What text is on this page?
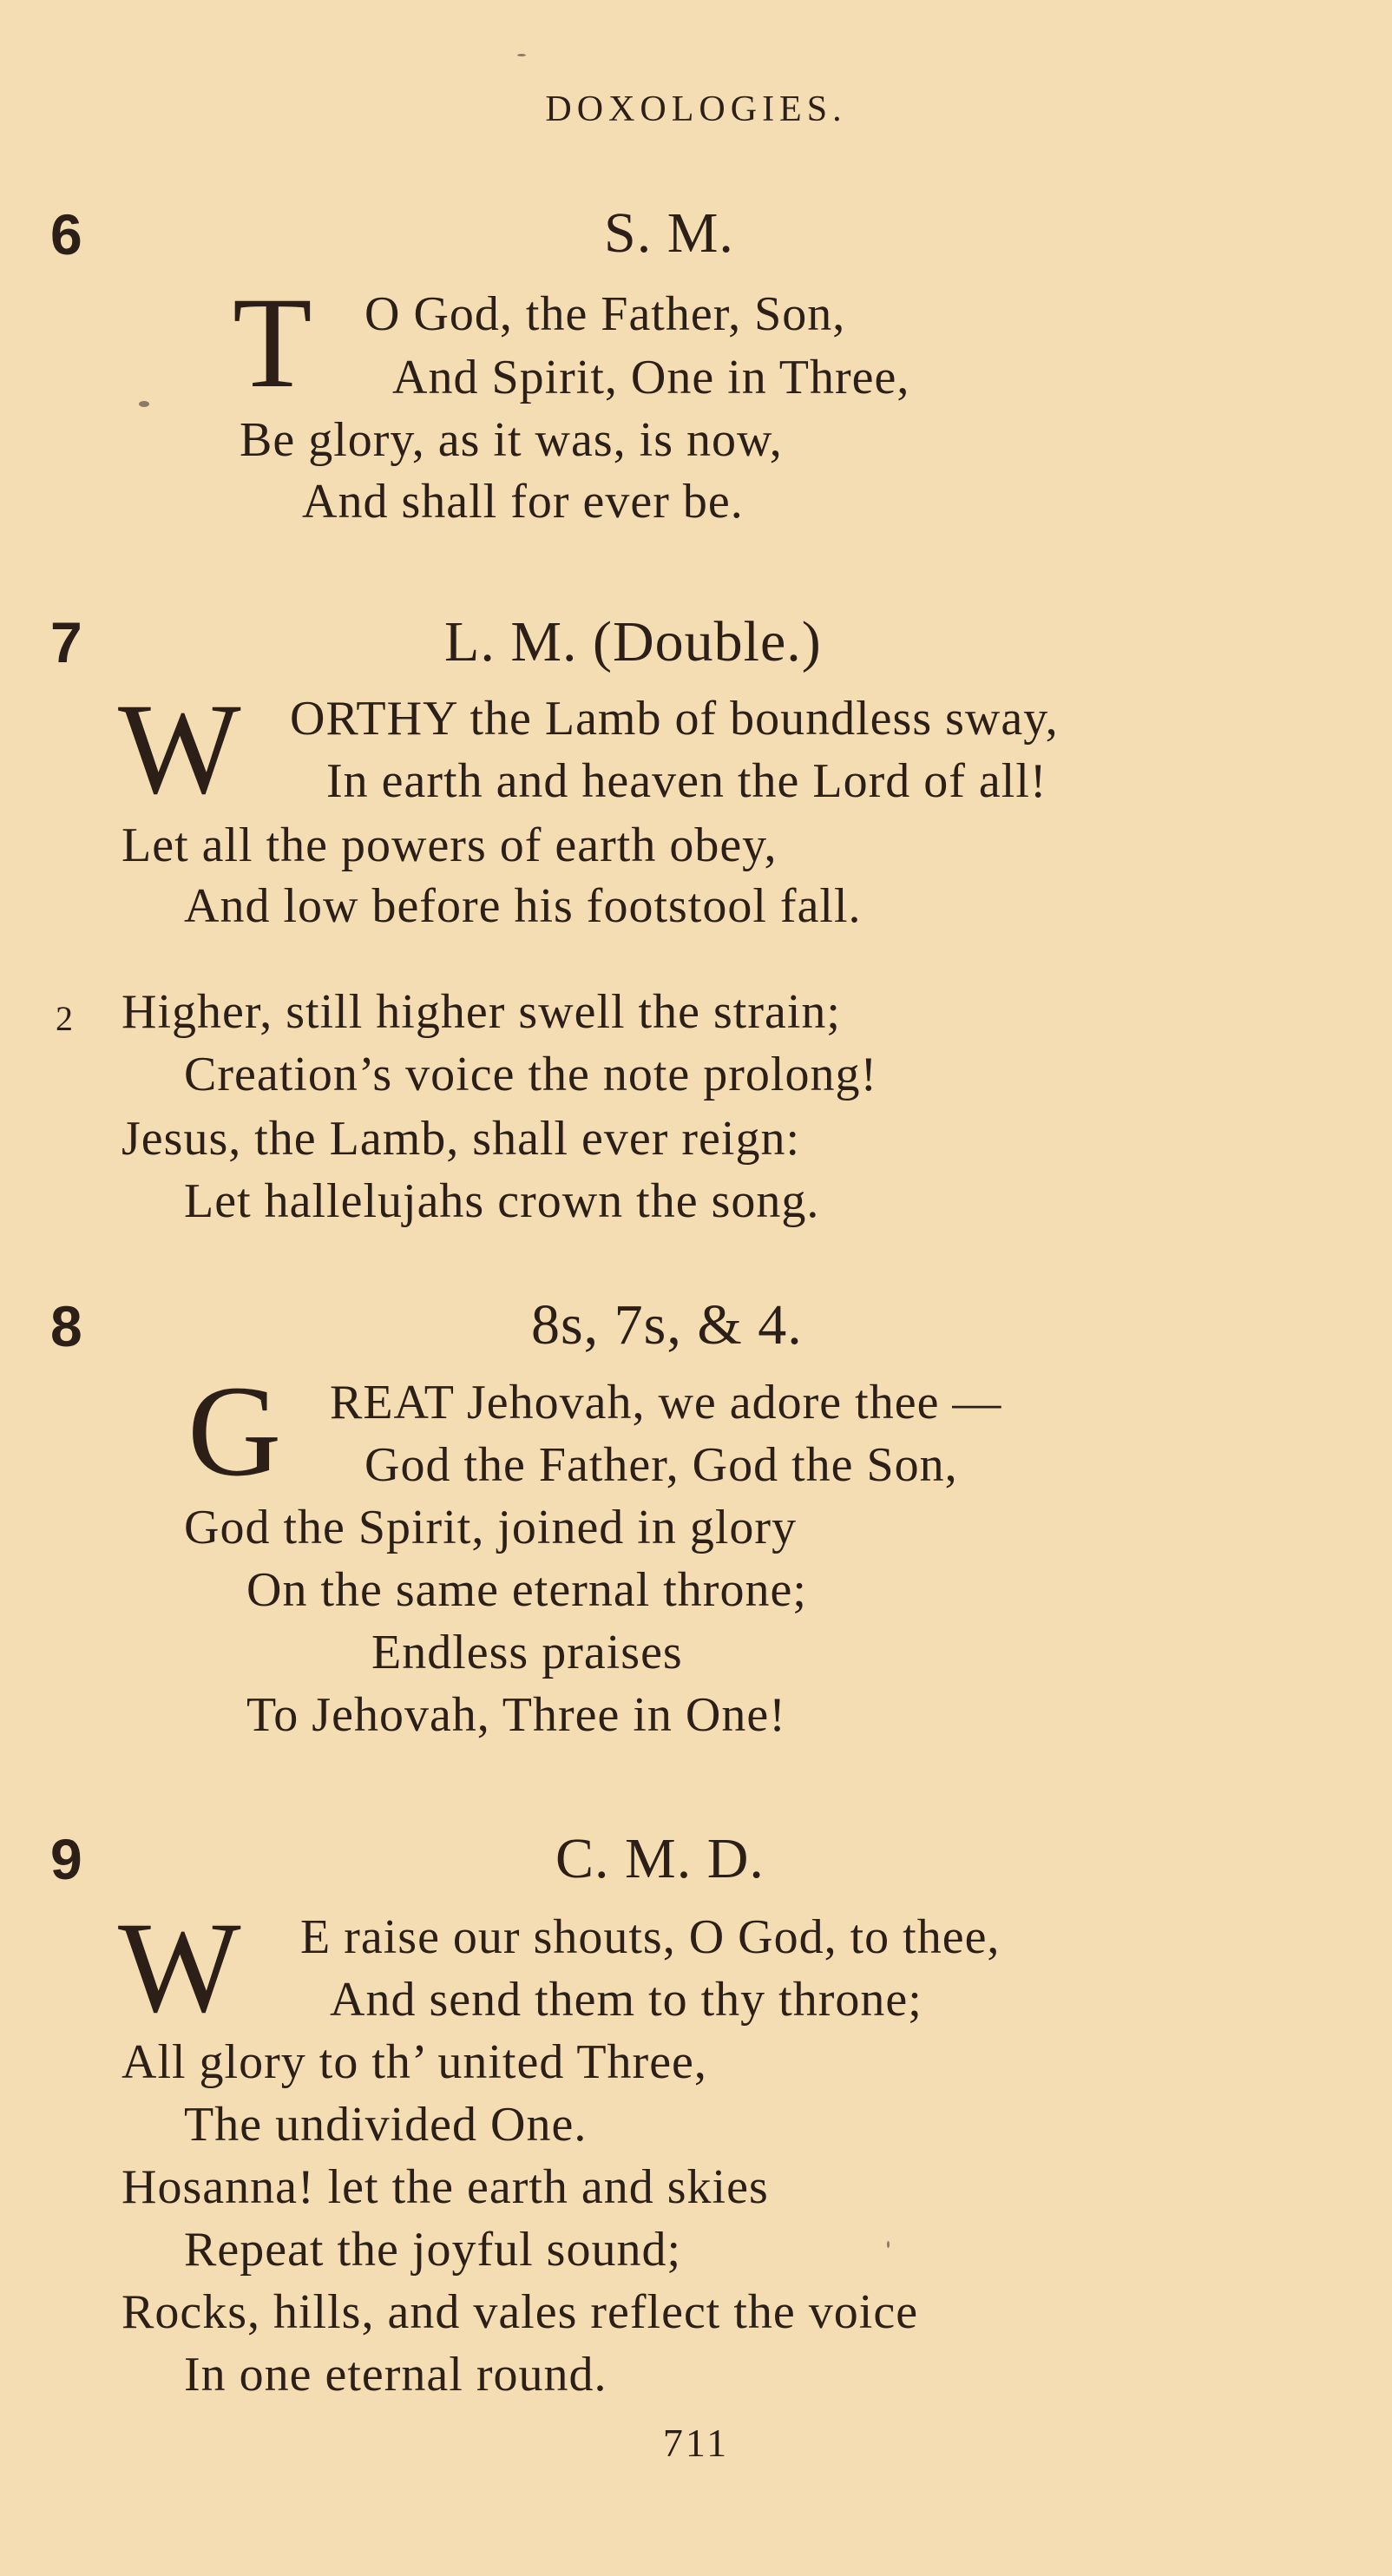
DOXOLOGIES.
6	S. M.
T O God, the Father, Son,
And Spirit, One in Three,
Be glory, as it was, is now,
And shall for ever be.
7	L. M. (Double.)
W ORTHY the Lamb of boundless sway,
In earth and heaven the Lord of all!
Let all the powers of earth obey,
And low before his footstool fall.
2 Higher, still higher swell the strain;
Creation’s voice the note prolong!
Jesus, the Lamb, shall ever reign:
Let hallelujahs crown the song.
8	8s, 7s, & 4.
G REAT Jehovah, we adore thee —
God the Father, God the Son,
God the Spirit, joined in glory
On the same eternal throne;
Endless praises
To Jehovah, Three in One!
9	C. M. D.
W E raise our shouts, O God, to thee,
And send them to thy throne;
All glory to th’ united Three,
The undivided One.
Hosanna! let the earth and skies
Repeat the joyful sound;
Rocks, hills, and vales reflect the voice
In one eternal round.
711
